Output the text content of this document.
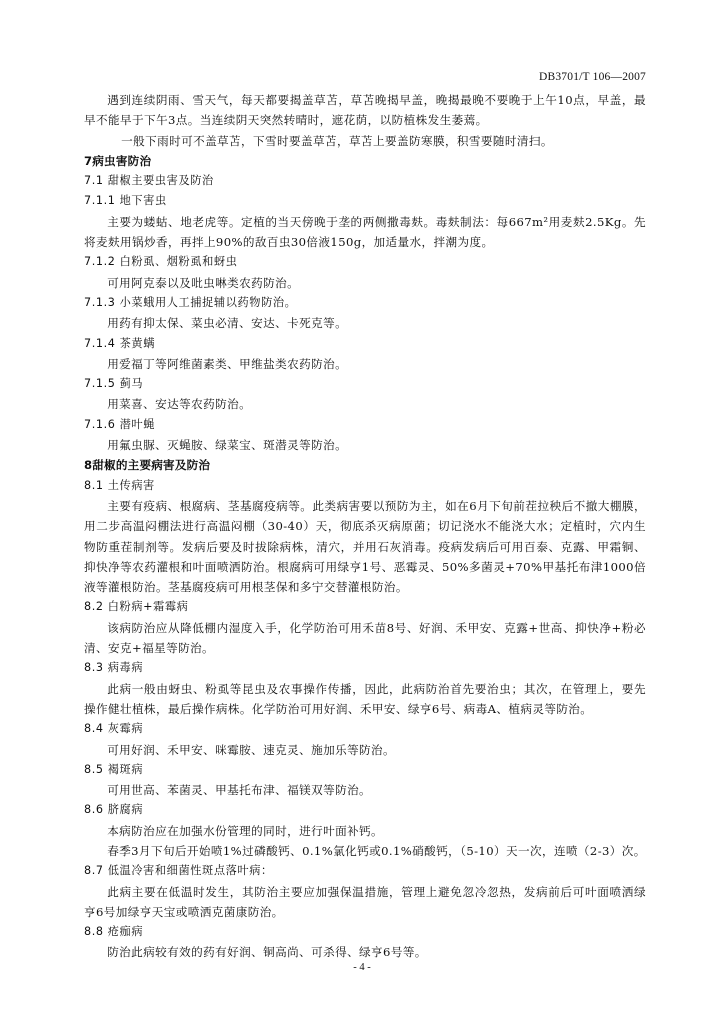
DB3701/T 106—2007

遇到连续阴雨、雪天气，每天都要揭盖草苫，草苫晚揭早盖，晚揭最晚不要晚于上午10点，早盖，最早不能早于下午3点。当连续阴天突然转晴时，遮花荫，以防植株发生萎蔫。

一般下雨时可不盖草苫，下雪时要盖草苫，草苫上要盖防寒膜，积雪要随时清扫。

7病虫害防治

7.1 甜椒主要虫害及防治

7.1.1 地下害虫

主要为蝼蛄、地老虎等。定植的当天傍晚于垄的两侧撒毒麸。毒麸制法：每667m²用麦麸2.5Kg。先将麦麸用锅炒香，再拌上90%的敌百虫30倍液150g，加适量水，拌潮为度。

7.1.2 白粉虱、烟粉虱和蚜虫

可用阿克泰以及吡虫啉类农药防治。

7.1.3 小菜蛾用人工捕捉辅以药物防治。

用药有抑太保、菜虫必清、安达、卡死克等。

7.1.4 茶黄螨

用爱福丁等阿维菌素类、甲维盐类农药防治。

7.1.5 蓟马

用菜喜、安达等农药防治。

7.1.6 潜叶蝇

用氟虫脲、灭蝇胺、绿菜宝、斑潜灵等防治。

8甜椒的主要病害及防治

8.1 土传病害

主要有疫病、根腐病、茎基腐疫病等。此类病害要以预防为主，如在6月下旬前茬拉秧后不撤大棚膜，用二步高温闷棚法进行高温闷棚（30-40）天，彻底杀灭病原菌；切记浇水不能浇大水；定植时，穴内生物防重茬制剂等。发病后要及时拔除病株，清穴，并用石灰消毒。疫病发病后可用百泰、克露、甲霜铜、抑快净等农药灌根和叶面喷洒防治。根腐病可用绿亨1号、恶霉灵、50%多菌灵+70%甲基托布津1000倍液等灌根防治。茎基腐疫病可用根茎保和多宁交替灌根防治。

8.2 白粉病+霜霉病

该病防治应从降低棚内湿度入手，化学防治可用禾苗8号、好润、禾甲安、克露+世高、抑快净+粉必清、安克+福星等防治。

8.3 病毒病

此病一般由蚜虫、粉虱等昆虫及农事操作传播，因此，此病防治首先要治虫；其次，在管理上，要先操作健壮植株，最后操作病株。化学防治可用好润、禾甲安、绿亨6号、病毒A、植病灵等防治。

8.4 灰霉病

可用好润、禾甲安、咪霉胺、速克灵、施加乐等防治。

8.5 褐斑病

可用世高、苯菌灵、甲基托布津、福镁双等防治。

8.6 脐腐病

本病防治应在加强水份管理的同时，进行叶面补钙。

春季3月下旬后开始喷1%过磷酸钙、0.1%氯化钙或0.1%硝酸钙，（5-10）天一次，连喷（2-3）次。

8.7 低温冷害和细菌性斑点落叶病：

此病主要在低温时发生，其防治主要应加强保温措施，管理上避免忽冷忽热，发病前后可叶面喷洒绿亨6号加绿亨天宝或喷洒克菌康防治。

8.8 疮痂病

防治此病较有效的药有好润、铜高尚、可杀得、绿亨6号等。

- 4 -
